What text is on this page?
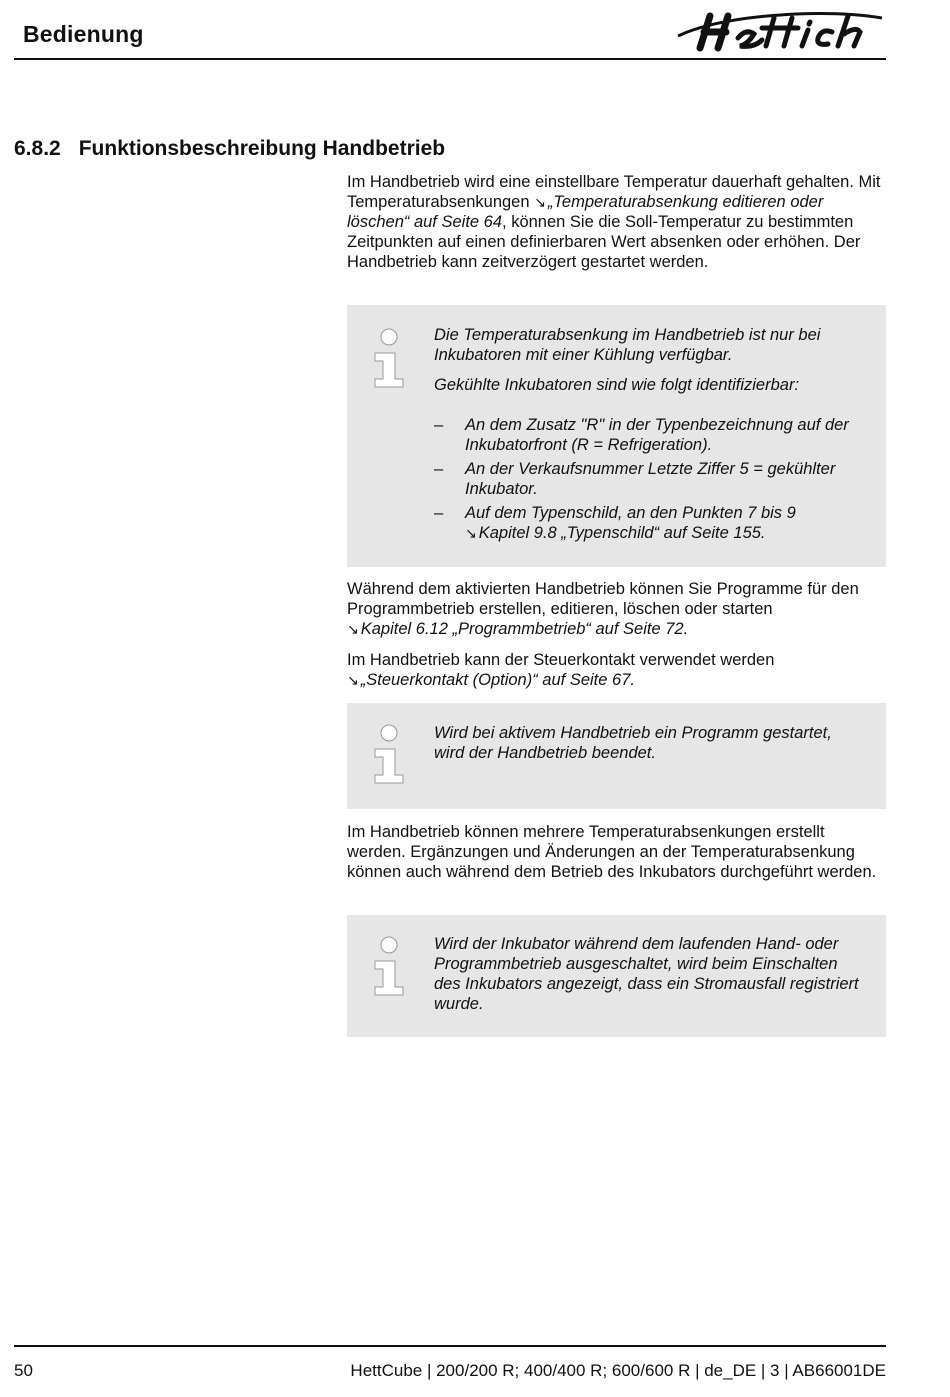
Bedienung
6.8.2 Funktionsbeschreibung Handbetrieb

Im Handbetrieb wird eine einstellbare Temperatur dauerhaft gehalten. Mit Temperaturabsenkungen ↘ „Temperaturabsenkung editieren oder löschen“ auf Seite 64, können Sie die Soll-Temperatur zu bestimmten Zeitpunkten auf einen definierbaren Wert absenken oder erhöhen. Der Handbetrieb kann zeitverzögert gestartet werden.

Die Temperaturabsenkung im Handbetrieb ist nur bei Inkubatoren mit einer Kühlung verfügbar.

Gekühlte Inkubatoren sind wie folgt identifizierbar:

– An dem Zusatz "R" in der Typenbezeichnung auf der Inkubatorfront (R = Refrigeration).
– An der Verkaufsnummer Letzte Ziffer 5 = gekühlter Inkubator.
– Auf dem Typenschild, an den Punkten 7 bis 9
↘ Kapitel 9.8 „Typenschild“ auf Seite 155.

Während dem aktivierten Handbetrieb können Sie Programme für den Programmbetrieb erstellen, editieren, löschen oder starten
↘ Kapitel 6.12 „Programmbetrieb“ auf Seite 72.

Im Handbetrieb kann der Steuerkontakt verwendet werden
↘ „Steuerkontakt (Option)“ auf Seite 67.

Wird bei aktivem Handbetrieb ein Programm gestartet, wird der Handbetrieb beendet.

Im Handbetrieb können mehrere Temperaturabsenkungen erstellt werden. Ergänzungen und Änderungen an der Temperaturabsenkung können auch während dem Betrieb des Inkubators durchgeführt werden.

Wird der Inkubator während dem laufenden Hand- oder Programmbetrieb ausgeschaltet, wird beim Einschalten des Inkubators angezeigt, dass ein Stromausfall registriert wurde.

50	HettCube | 200/200 R; 400/400 R; 600/600 R | de_DE | 3 | AB66001DE
